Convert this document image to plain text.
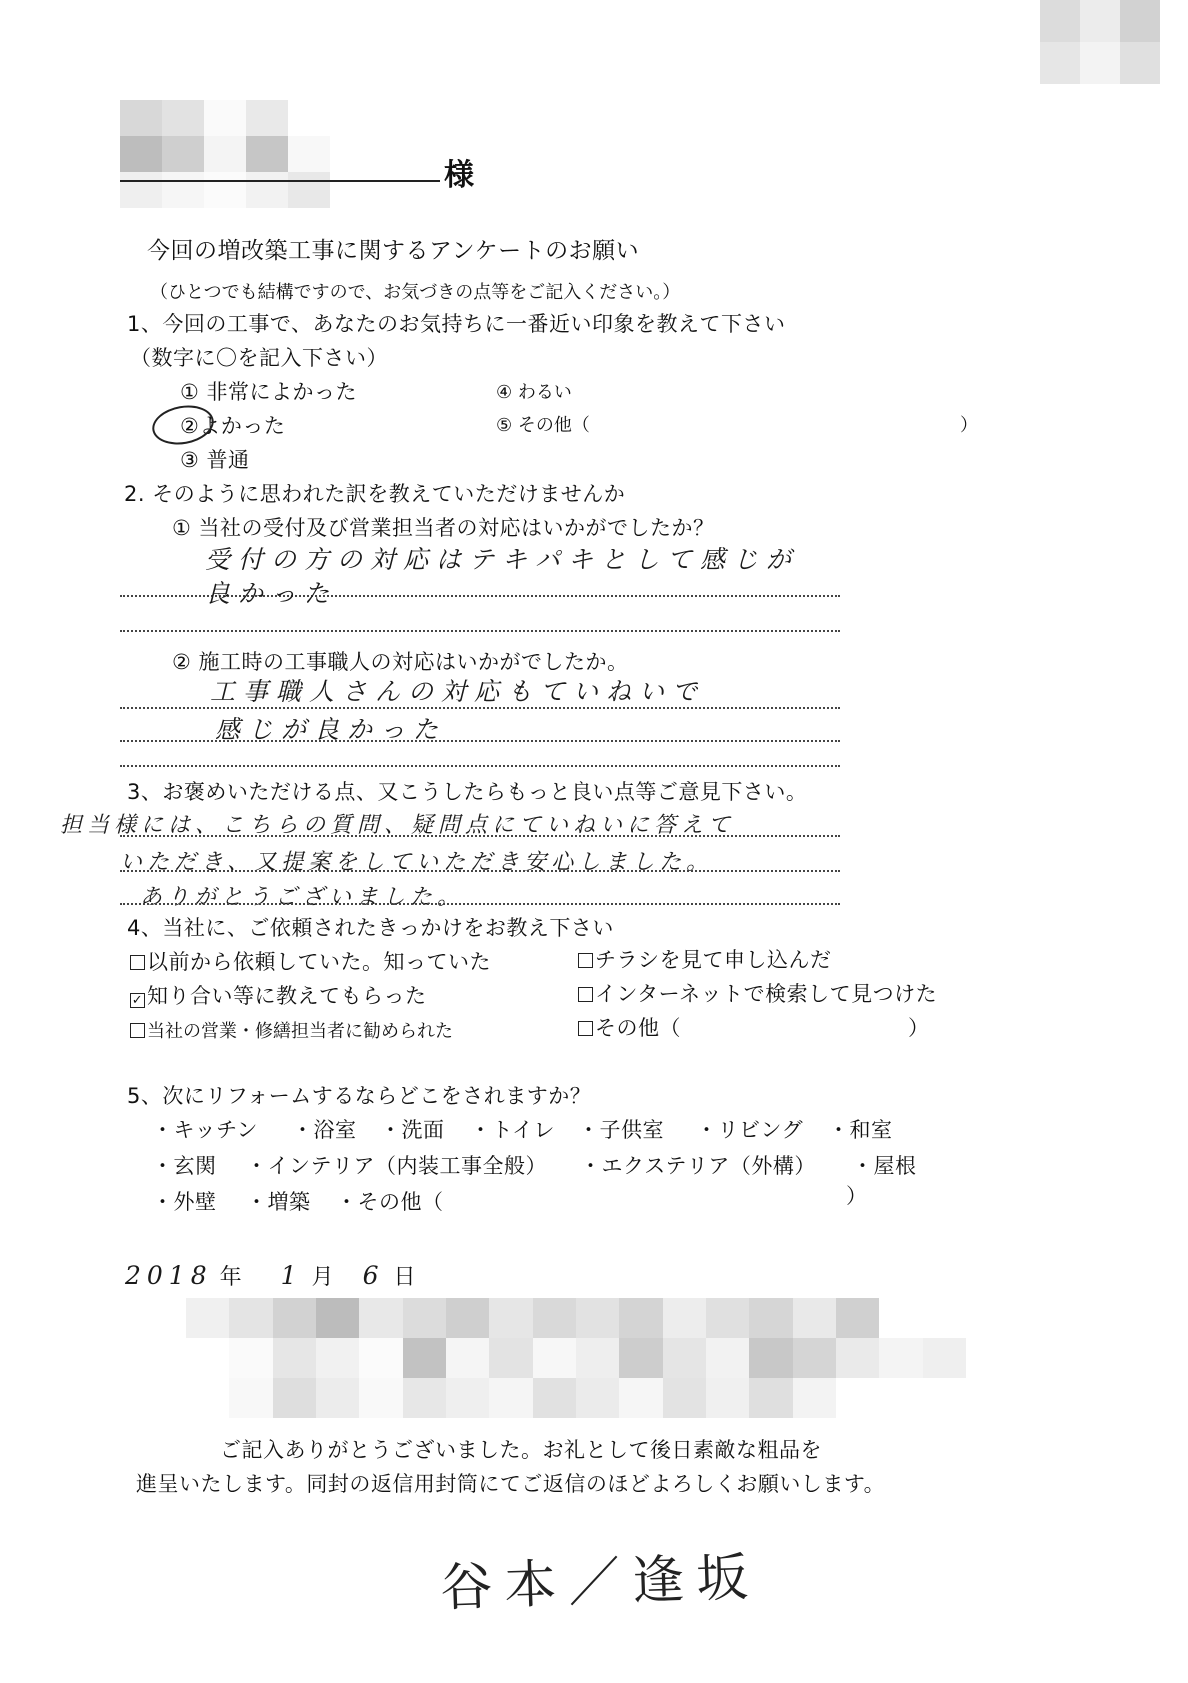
様
今回の増改築工事に関するアンケートのお願い
（ひとつでも結構ですので、お気づきの点等をご記入ください。）
1、今回の工事で、あなたのお気持ちに一番近い印象を教えて下さい
（数字に〇を記入下さい）
① 非常によかった
②よかった
③ 普通
④ わるい
⑤ その他（	）
2. そのように思われた訳を教えていただけませんか
① 当社の受付及び営業担当者の対応はいかがでしたか？
受付の方の対応はテキパキとして感じが
良かった
② 施工時の工事職人の対応はいかがでしたか。
工事職人さんの対応もていねいで
感じが良かった
3、お褒めいただける点、又こうしたらもっと良い点等ご意見下さい。
担当様には、こちらの質問、疑問点にていねいに答えて
いただき、又提案をしていただき安心しました。
ありがとうございました。
4、当社に、ご依頼されたきっかけをお教え下さい
以前から依頼していた。知っていた
✓ 知り合い等に教えてもらった
当社の営業・修繕担当者に勧められた
チラシを見て申し込んだ
インターネットで検索して見つけた
その他（	）
5、次にリフォームするならどこをされますか？
・キッチン ・浴室 ・洗面 ・トイレ ・子供室 ・リビング ・和室
・玄関 ・インテリア（内装工事全般） ・エクステリア（外構） ・屋根
・外壁 ・増築 ・その他（	）
2018 年 1 月 6 日
ご記入ありがとうございました。お礼として後日素敵な粗品を
進呈いたします。同封の返信用封筒にてご返信のほどよろしくお願いします。
谷本／逢坂
